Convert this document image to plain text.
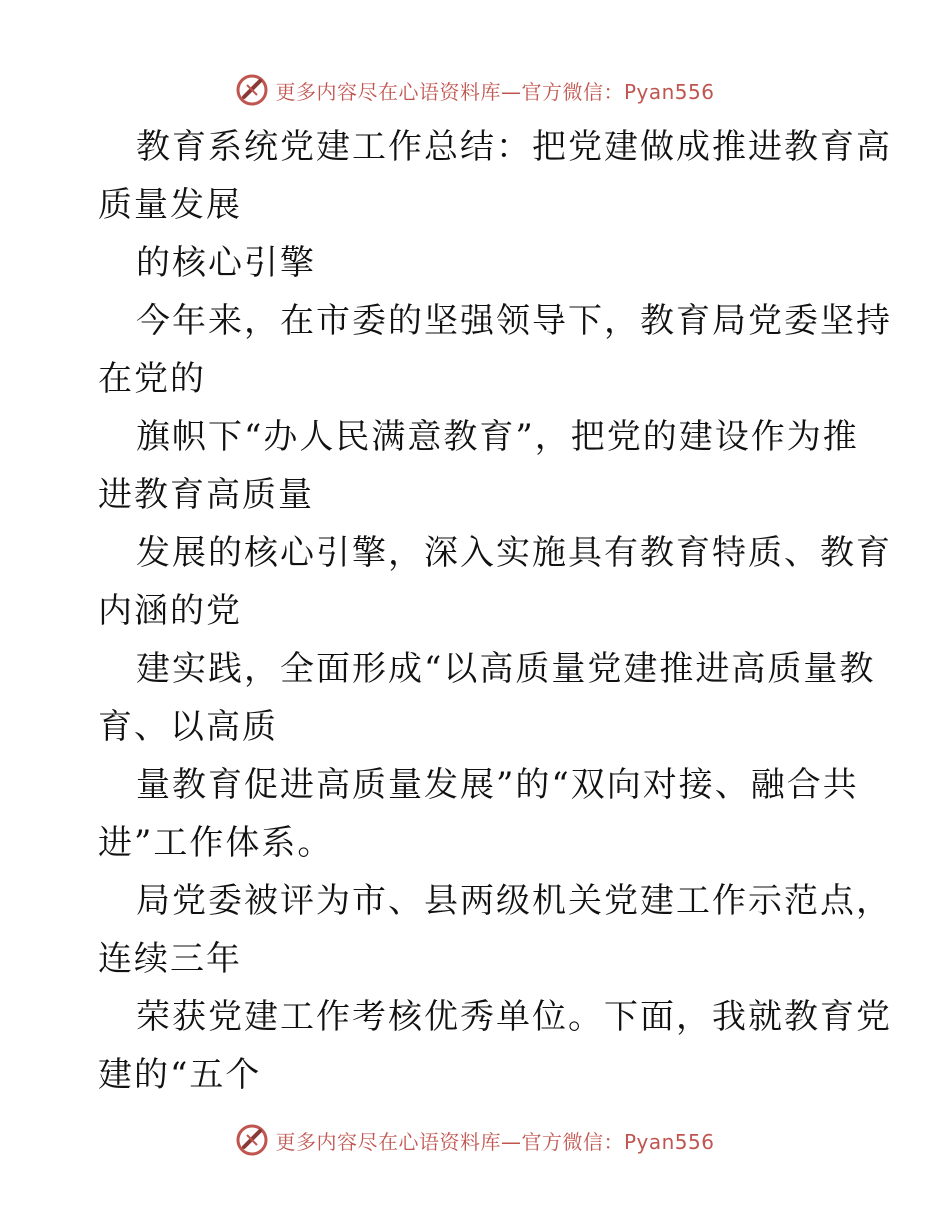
更多内容尽在心语资料库—官方微信：Pyan556
教育系统党建工作总结：把党建做成推进教育高
质量发展
的核心引擎
今年来，在市委的坚强领导下，教育局党委坚持
在党的
旗帜下“办人民满意教育”，把党的建设作为推
进教育高质量
发展的核心引擎，深入实施具有教育特质、教育
内涵的党
建实践，全面形成“以高质量党建推进高质量教
育、以高质
量教育促进高质量发展”的“双向对接、融合共
进”工作体系。
局党委被评为市、县两级机关党建工作示范点，
连续三年
荣获党建工作考核优秀单位。下面，我就教育党
建的“五个
更多内容尽在心语资料库—官方微信：Pyan556
